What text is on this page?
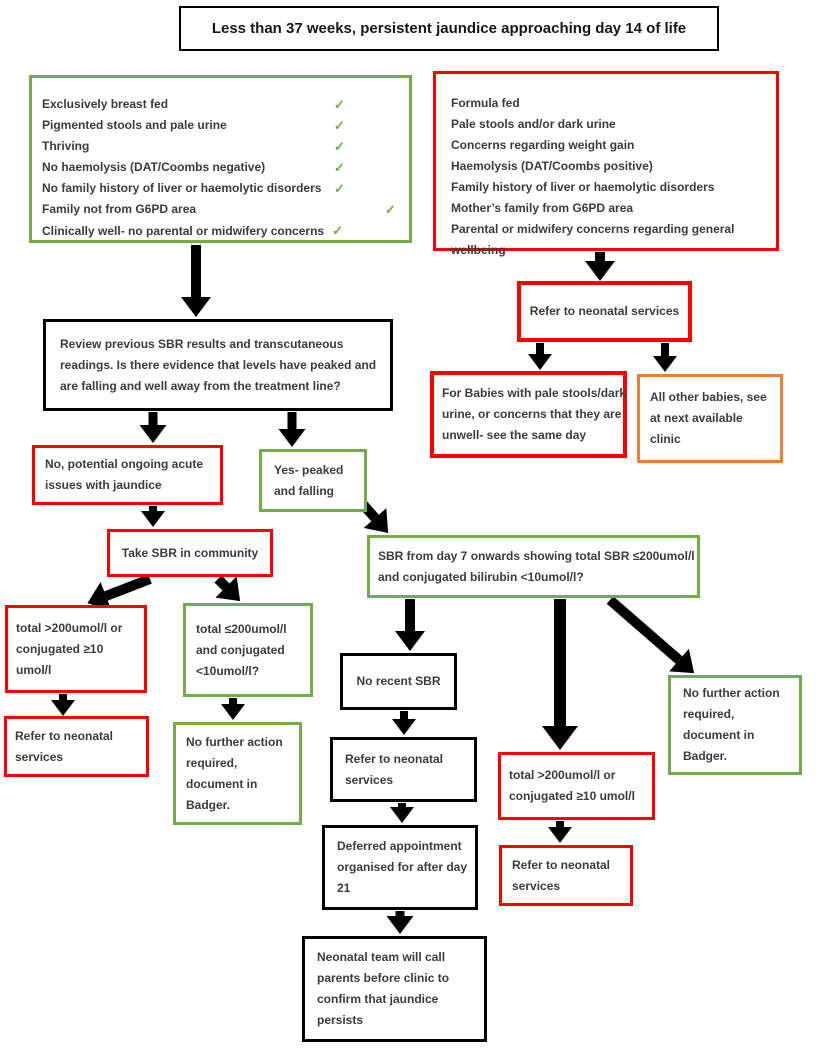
Less than 37 weeks, persistent jaundice approaching day 14 of life
Exclusively breast fed	✓
Pigmented stools and pale urine	✓
Thriving	✓
No haemolysis (DAT/Coombs negative)	✓
No family history of liver or haemolytic disorders ✓
Family not from G6PD area	✓
Clinically well- no parental or midwifery concerns ✓
Formula fed
Pale stools and/or dark urine
Concerns regarding weight gain
Haemolysis (DAT/Coombs positive)
Family history of liver or haemolytic disorders
Mother’s family from G6PD area
Parental or midwifery concerns regarding general wellbeing
Review previous SBR results and transcutaneous
readings. Is there evidence that levels have peaked and
are falling and well away from the treatment line?
Refer to neonatal services
For Babies with pale stools/dark
urine, or concerns that they are
unwell- see the same day
All other babies, see
at next available
clinic
No, potential ongoing acute
issues with jaundice
Yes- peaked
and falling
Take SBR in community	SBR from day 7 onwards showing total SBR ≤200umol/l
and conjugated bilirubin <10umol/l?
total >200umol/l or
conjugated ≥10
umol/l
total ≤200umol/l
and conjugated
<10umol/l?
Refer to neonatal
services
No further action
required,
document in
Badger.
No recent SBR
Refer to neonatal
services	total >200umol/l or
conjugated ≥10 umol/l
Refer to neonatal
services
No further action
required,
document in
Badger.
Deferred appointment
organised for after day
21
Neonatal team will call
parents before clinic to
confirm that jaundice
persists
